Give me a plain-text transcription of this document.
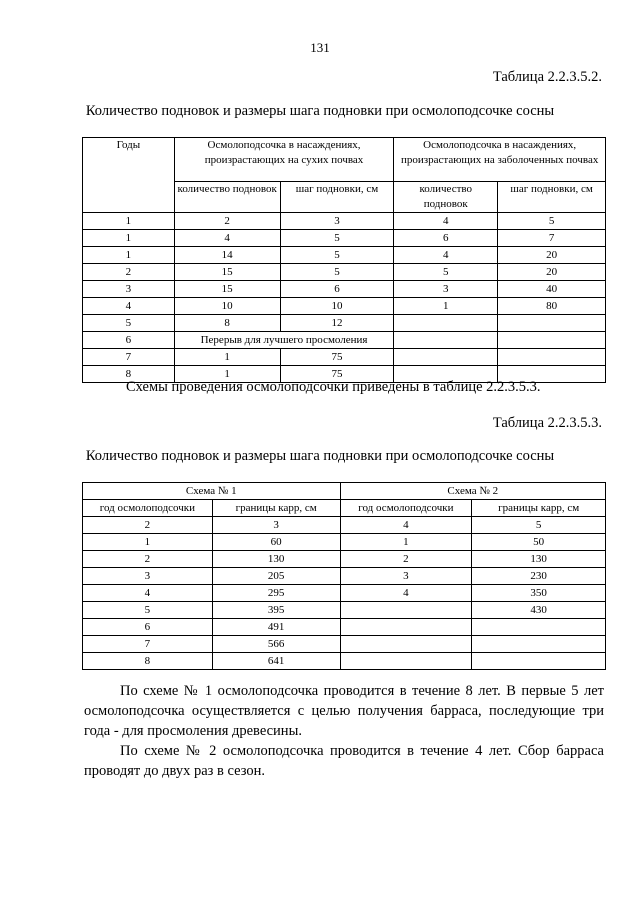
131
Таблица 2.2.3.5.2.
Количество подновок и размеры шага подновки при осмолоподсочке сосны
Годы	Осмолоподсочка в насаждениях, произрастающих на сухих почвах		Осмолоподсочка в насаждениях, произрастающих на заболоченных почвах	
	количество подновок	шаг подновки, см	количество подновок	шаг подновки, см
1	2	3	4	5
1	4	5	6	7
1	14	5	4	20
2	15	5	5	20
3	15	6	3	40
4	10	10	1	80
5	8	12		
6	Перерыв для лучшего просмоления			
7	1	75		
8	1	75		
Схемы проведения осмолоподсочки приведены в таблице 2.2.3.5.3.
Таблица 2.2.3.5.3.
Количество подновок и размеры шага подновки при осмолоподсочке сосны
Схема № 1		Схема № 2	
год осмолоподсочки	границы карр, см	год осмолоподсочки	границы карр, см
2	3	4	5
1	60	1	50
2	130	2	130
3	205	3	230
4	295	4	350
5	395		430
6	491		
7	566		
8	641		

По схеме № 1 осмолоподсочка проводится в течение 8 лет. В первые 5 лет осмолоподсочка осуществляется с целью получения барраса, последующие три года - для просмоления древесины.

По схеме № 2 осмолоподсочка проводится в течение 4 лет. Сбор барраса проводят до двух раз в сезон.
